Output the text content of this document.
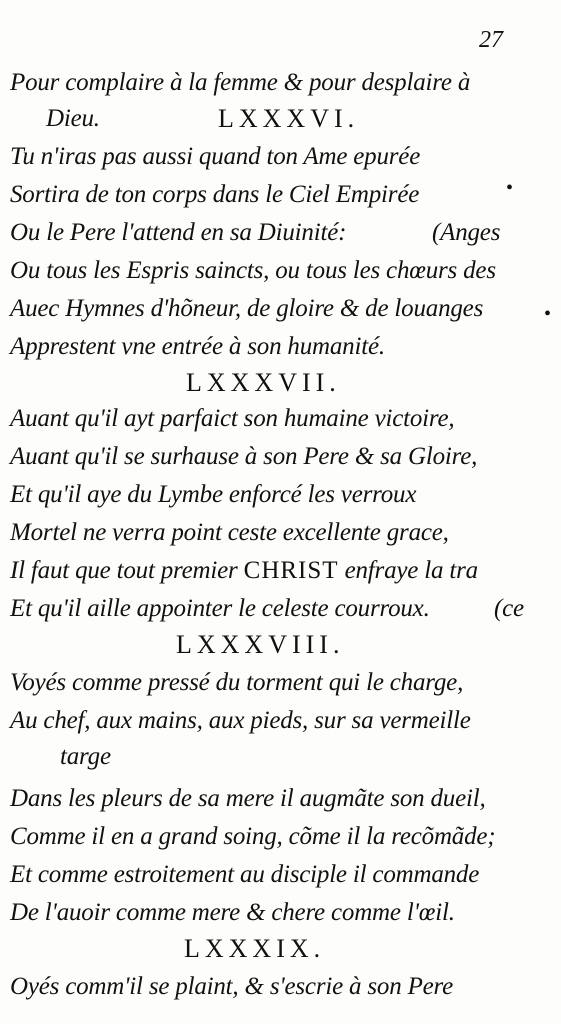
27
Pour complaire à la femme & pour desplaire à
Dieu.	LXXXVI.
Tu n'iras pas aussi quand ton Ame epurée
Sortira de ton corps dans le Ciel Empirée
Ou le Pere l'attend en sa Diuinité:	(Anges
Ou tous les Espris saincts, ou tous les chœurs des
Auec Hymnes d'hõneur, de gloire & de louanges
Apprestent vne entrée à son humanité.
LXXXVII.
Auant qu'il ayt parfaict son humaine victoire,
Auant qu'il se surhause à son Pere & sa Gloire,
Et qu'il aye du Lymbe enforcé les verroux
Mortel ne verra point ceste excellente grace,
Il faut que tout premier CHRIST enfraye la tra
Et qu'il aille appointer le celeste courroux.	(ce
LXXXVIII.
Voyés comme pressé du torment qui le charge,
Au chef, aux mains, aux pieds, sur sa vermeille
targe
Dans les pleurs de sa mere il augmãte son dueil,
Comme il en a grand soing, cõme il la recõmãde;
Et comme estroitement au disciple il commande
De l'auoir comme mere & chere comme l'œil.
LXXXIX.
Oyés comm'il se plaint, & s'escrie à son Pere
•
•
